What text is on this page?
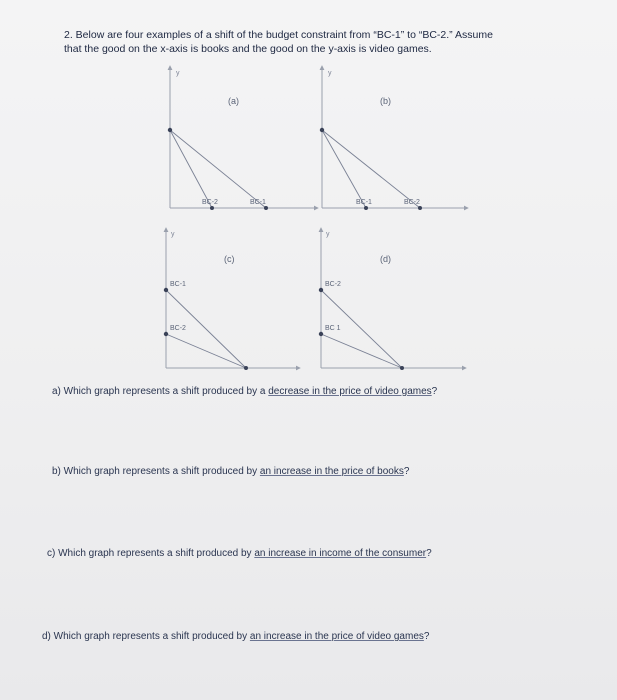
2. Below are four examples of a shift of the budget constraint from “BC-1” to “BC-2.” Assume
that the good on the x-axis is books and the good on the y-axis is video games.
y
(a)
BC-2	BC-1
y
(b)
BC-1	BC-2
y
(c)
BC-1
BC-2
y
(d)
BC-2
BC 1
a) Which graph represents a shift produced by a decrease in the price of video games?
b) Which graph represents a shift produced by an increase in the price of books?
c) Which graph represents a shift produced by an increase in income of the consumer?
d) Which graph represents a shift produced by an increase in the price of video games?
